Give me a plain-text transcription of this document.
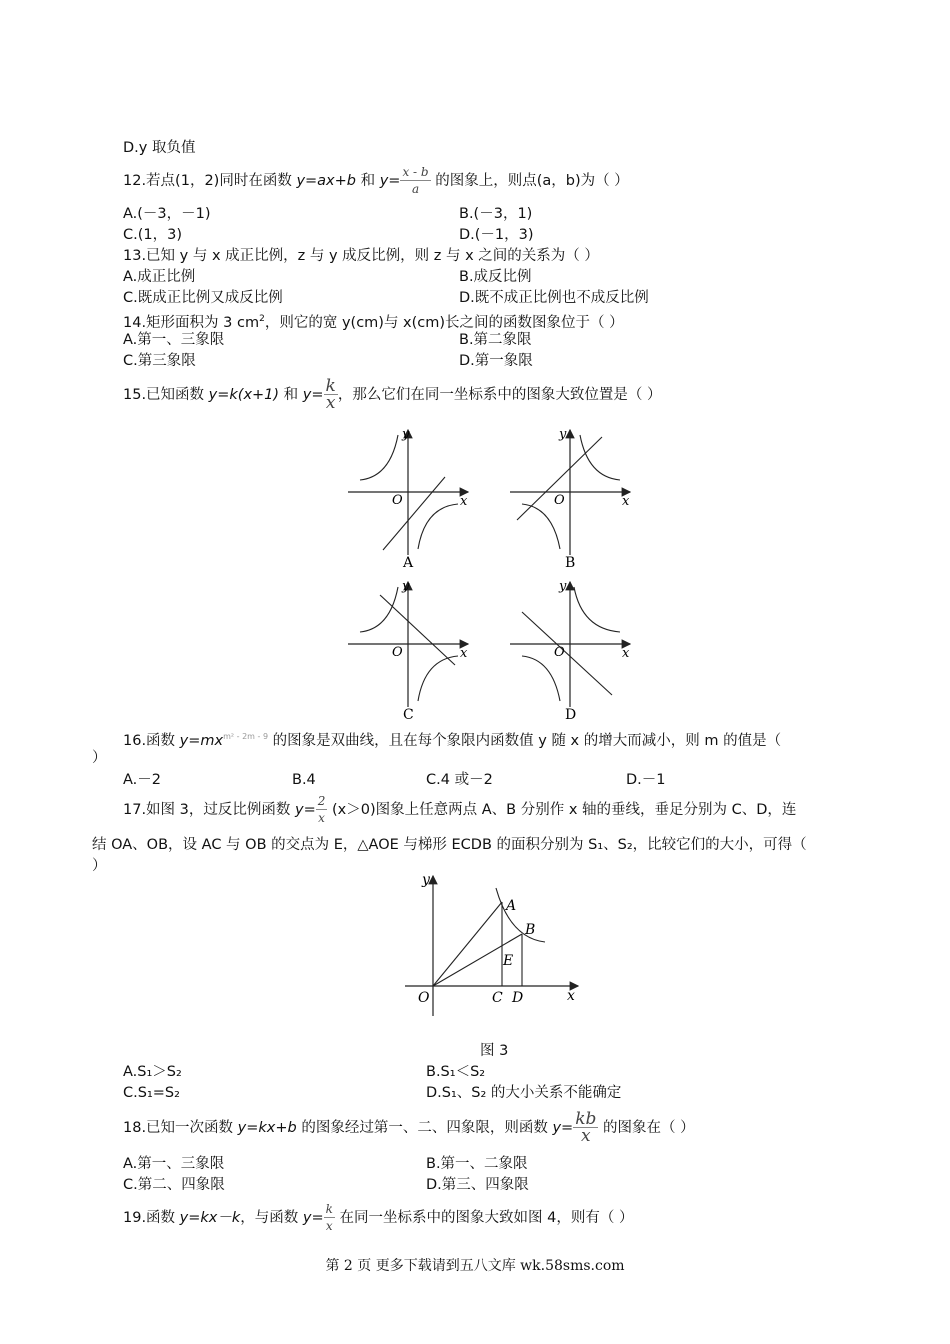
D.y 取负值
12.若点(1，2)同时在函数 y=ax+b 和 $y= \frac{x - b}{a}$ 的图象上，则点(a，b)为（ ）
A.(－3，－1)	B.(－3，1)
C.(1，3)	D.(－1，3)
13.已知 y 与 x 成正比例，z 与 y 成反比例，则 z 与 x 之间的关系为（ ）
A.成正比例	B.成反比例
C.既成正比例又成反比例	D.既不成正比例也不成反比例
14.矩形面积为 3 $cm^2$，则它的宽 y(cm)与 x(cm)长之间的函数图象位于（ ）
A.第一、三象限	B.第二象限
C.第三象限	D.第一象限
15.已知函数 y=k(x+1) 和 $y= \frac{k}{x}$ ，那么它们在同一坐标系中的图象大致位置是（ ）
y
x
O
A
y
x
O
B
y
x
O
C
y
x
O
D
16.函数 $y=mx^{m^2 - 2m - 9}$ 的图象是双曲线，且在每个象限内函数值 y 随 x 的增大而减小，则 m 的值是（
）
A.－2	B.4	C.4 或－2	D.－1
17.如图 3，过反比例函数 $y= \frac{2}{x} (x>0)$图象上任意两点 A、B 分别作 x 轴的垂线，垂足分别为 C、D，连
结 OA、OB，设 AC 与 OB 的交点为 E，△AOE 与梯形 ECDB 的面积分别为 S₁、S₂，比较它们的大小，可得（
）
y
x
O
A
B
E
C D
图 3
A.S₁＞S₂	B.S₁＜S₂
C.S₁=S₂	D.S₁、S₂ 的大小关系不能确定
18.已知一次函数 y=kx+b 的图象经过第一、二、四象限，则函数 $y= \frac{kb}{x}$ 的图象在（ ）
A.第一、三象限	B.第一、二象限
C.第二、四象限	D.第三、四象限
19.函数 y=kx－k，与函数 $y= \frac{k}{x}$ 在同一坐标系中的图象大致如图 4，则有（ ）
第 2 页 更多下载请到五八文库 wk.58sms.com
